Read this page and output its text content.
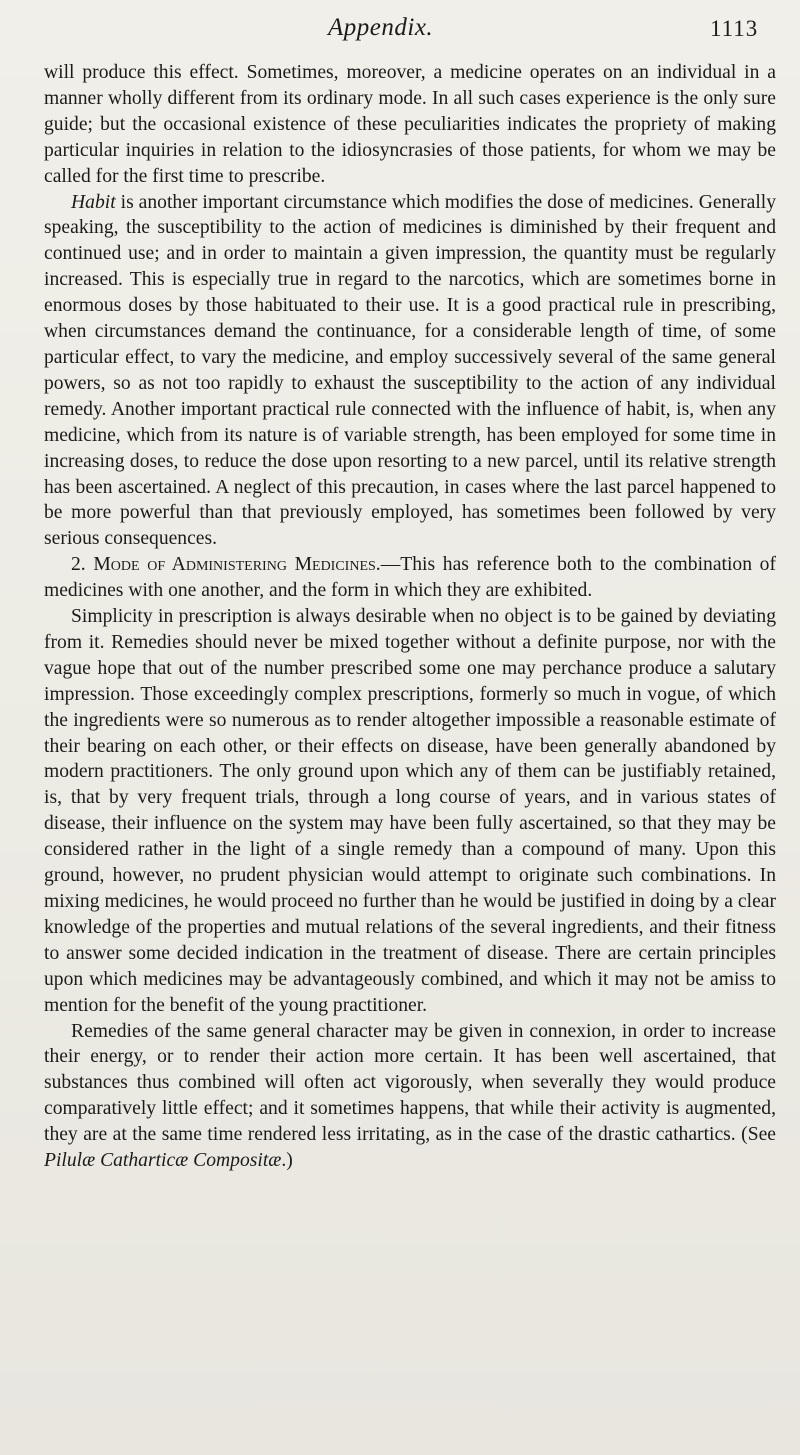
Appendix.	1113

will produce this effect. Sometimes, moreover, a medicine operates on an individual in a manner wholly different from its ordinary mode. In all such cases experience is the only sure guide; but the occasional existence of these peculiarities indicates the propriety of making particular inquiries in relation to the idiosyncrasies of those patients, for whom we may be called for the first time to prescribe.

Habit is another important circumstance which modifies the dose of medicines. Generally speaking, the susceptibility to the action of medicines is diminished by their frequent and continued use; and in order to maintain a given impression, the quantity must be regularly increased. This is especially true in regard to the narcotics, which are sometimes borne in enormous doses by those habituated to their use. It is a good practical rule in prescribing, when circumstances demand the continuance, for a considerable length of time, of some particular effect, to vary the medicine, and employ successively several of the same general powers, so as not too rapidly to exhaust the susceptibility to the action of any individual remedy. Another important practical rule connected with the influence of habit, is, when any medicine, which from its nature is of variable strength, has been employed for some time in increasing doses, to reduce the dose upon resorting to a new parcel, until its relative strength has been ascertained. A neglect of this precaution, in cases where the last parcel happened to be more powerful than that previously employed, has sometimes been followed by very serious consequences.

2. Mode of Administering Medicines.—This has reference both to the combination of medicines with one another, and the form in which they are exhibited.

Simplicity in prescription is always desirable when no object is to be gained by deviating from it. Remedies should never be mixed together without a definite purpose, nor with the vague hope that out of the number prescribed some one may perchance produce a salutary impression. Those exceedingly complex prescriptions, formerly so much in vogue, of which the ingredients were so numerous as to render altogether impossible a reasonable estimate of their bearing on each other, or their effects on disease, have been generally abandoned by modern practitioners. The only ground upon which any of them can be justifiably retained, is, that by very frequent trials, through a long course of years, and in various states of disease, their influence on the system may have been fully ascertained, so that they may be considered rather in the light of a single remedy than a compound of many. Upon this ground, however, no prudent physician would attempt to originate such combinations. In mixing medicines, he would proceed no further than he would be justified in doing by a clear knowledge of the properties and mutual relations of the several ingredients, and their fitness to answer some decided indication in the treatment of disease. There are certain principles upon which medicines may be advantageously combined, and which it may not be amiss to mention for the benefit of the young practitioner.

Remedies of the same general character may be given in connexion, in order to increase their energy, or to render their action more certain. It has been well ascertained, that substances thus combined will often act vigorously, when severally they would produce comparatively little effect; and it sometimes happens, that while their activity is augmented, they are at the same time rendered less irritating, as in the case of the drastic cathartics. (See Pilulæ Catharticæ Compositæ.)
